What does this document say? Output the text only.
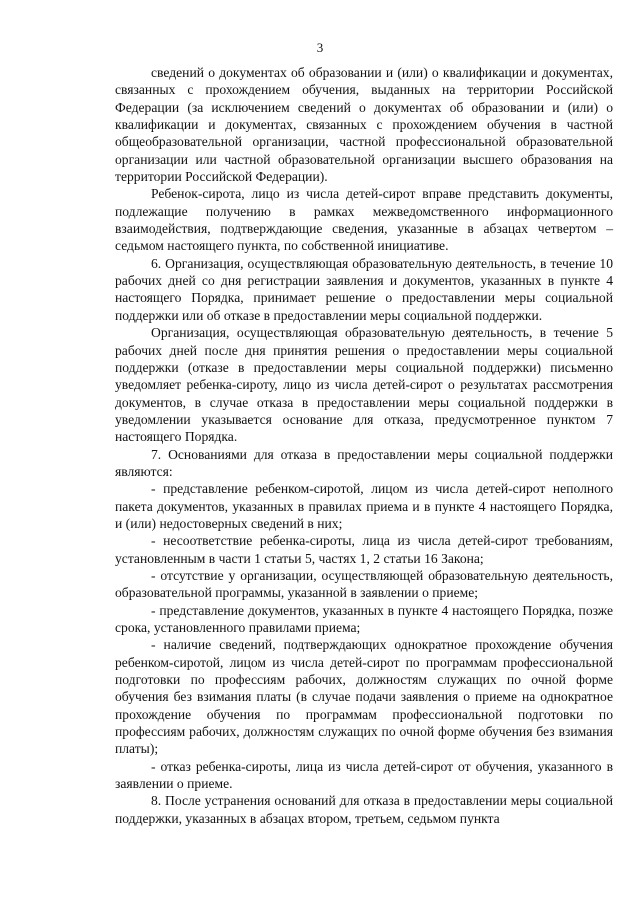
3

сведений о документах об образовании и (или) о квалификации и документах, связанных с прохождением обучения, выданных на территории Российской Федерации (за исключением сведений о документах об образовании и (или) о квалификации и документах, связанных с прохождением обучения в частной общеобразовательной организации, частной профессиональной образовательной организации или частной образовательной организации высшего образования на территории Российской Федерации).

Ребенок-сирота, лицо из числа детей-сирот вправе представить документы, подлежащие получению в рамках межведомственного информационного взаимодействия, подтверждающие сведения, указанные в абзацах четвертом – седьмом настоящего пункта, по собственной инициативе.

6. Организация, осуществляющая образовательную деятельность, в течение 10 рабочих дней со дня регистрации заявления и документов, указанных в пункте 4 настоящего Порядка, принимает решение о предоставлении меры социальной поддержки или об отказе в предоставлении меры социальной поддержки.

Организация, осуществляющая образовательную деятельность, в течение 5 рабочих дней после дня принятия решения о предоставлении меры социальной поддержки (отказе в предоставлении меры социальной поддержки) письменно уведомляет ребенка-сироту, лицо из числа детей-сирот о результатах рассмотрения документов, в случае отказа в предоставлении меры социальной поддержки в уведомлении указывается основание для отказа, предусмотренное пунктом 7 настоящего Порядка.

7. Основаниями для отказа в предоставлении меры социальной поддержки являются:

- представление ребенком-сиротой, лицом из числа детей-сирот неполного пакета документов, указанных в правилах приема и в пункте 4 настоящего Порядка, и (или) недостоверных сведений в них;

- несоответствие ребенка-сироты, лица из числа детей-сирот требованиям, установленным в части 1 статьи 5, частях 1, 2 статьи 16 Закона;

- отсутствие у организации, осуществляющей образовательную деятельность, образовательной программы, указанной в заявлении о приеме;

- представление документов, указанных в пункте 4 настоящего Порядка, позже срока, установленного правилами приема;

- наличие сведений, подтверждающих однократное прохождение обучения ребенком-сиротой, лицом из числа детей-сирот по программам профессиональной подготовки по профессиям рабочих, должностям служащих по очной форме обучения без взимания платы (в случае подачи заявления о приеме на однократное прохождение обучения по программам профессиональной подготовки по профессиям рабочих, должностям служащих по очной форме обучения без взимания платы);

- отказ ребенка-сироты, лица из числа детей-сирот от обучения, указанного в заявлении о приеме.

8. После устранения оснований для отказа в предоставлении меры социальной поддержки, указанных в абзацах втором, третьем, седьмом пункта
